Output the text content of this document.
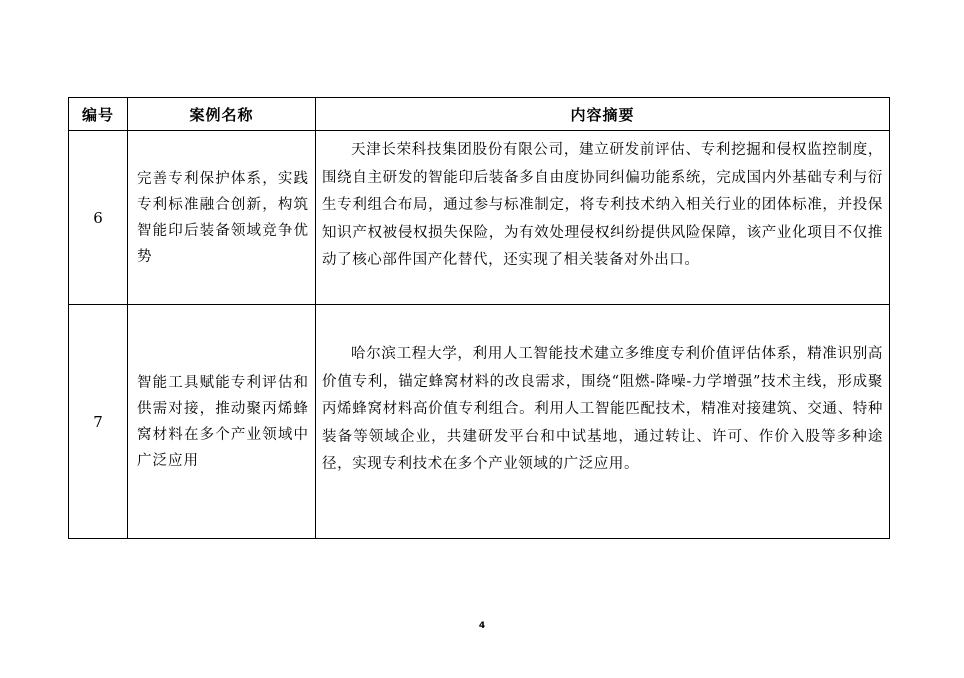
编号	案例名称	内容摘要
6	完善专利保护体系，实践专利标准融合创新，构筑智能印后装备领域竞争优势	天津长荣科技集团股份有限公司，建立研发前评估、专利挖掘和侵权监控制度，围绕自主研发的智能印后装备多自由度协同纠偏功能系统，完成国内外基础专利与衍生专利组合布局，通过参与标准制定，将专利技术纳入相关行业的团体标准，并投保知识产权被侵权损失保险，为有效处理侵权纠纷提供风险保障，该产业化项目不仅推动了核心部件国产化替代，还实现了相关装备对外出口。
7	智能工具赋能专利评估和供需对接，推动聚丙烯蜂窝材料在多个产业领域中广泛应用	哈尔滨工程大学，利用人工智能技术建立多维度专利价值评估体系，精准识别高价值专利，锚定蜂窝材料的改良需求，围绕“阻燃-降噪-力学增强”技术主线，形成聚丙烯蜂窝材料高价值专利组合。利用人工智能匹配技术，精准对接建筑、交通、特种装备等领域企业，共建研发平台和中试基地，通过转让、许可、作价入股等多种途径，实现专利技术在多个产业领域的广泛应用。
4
